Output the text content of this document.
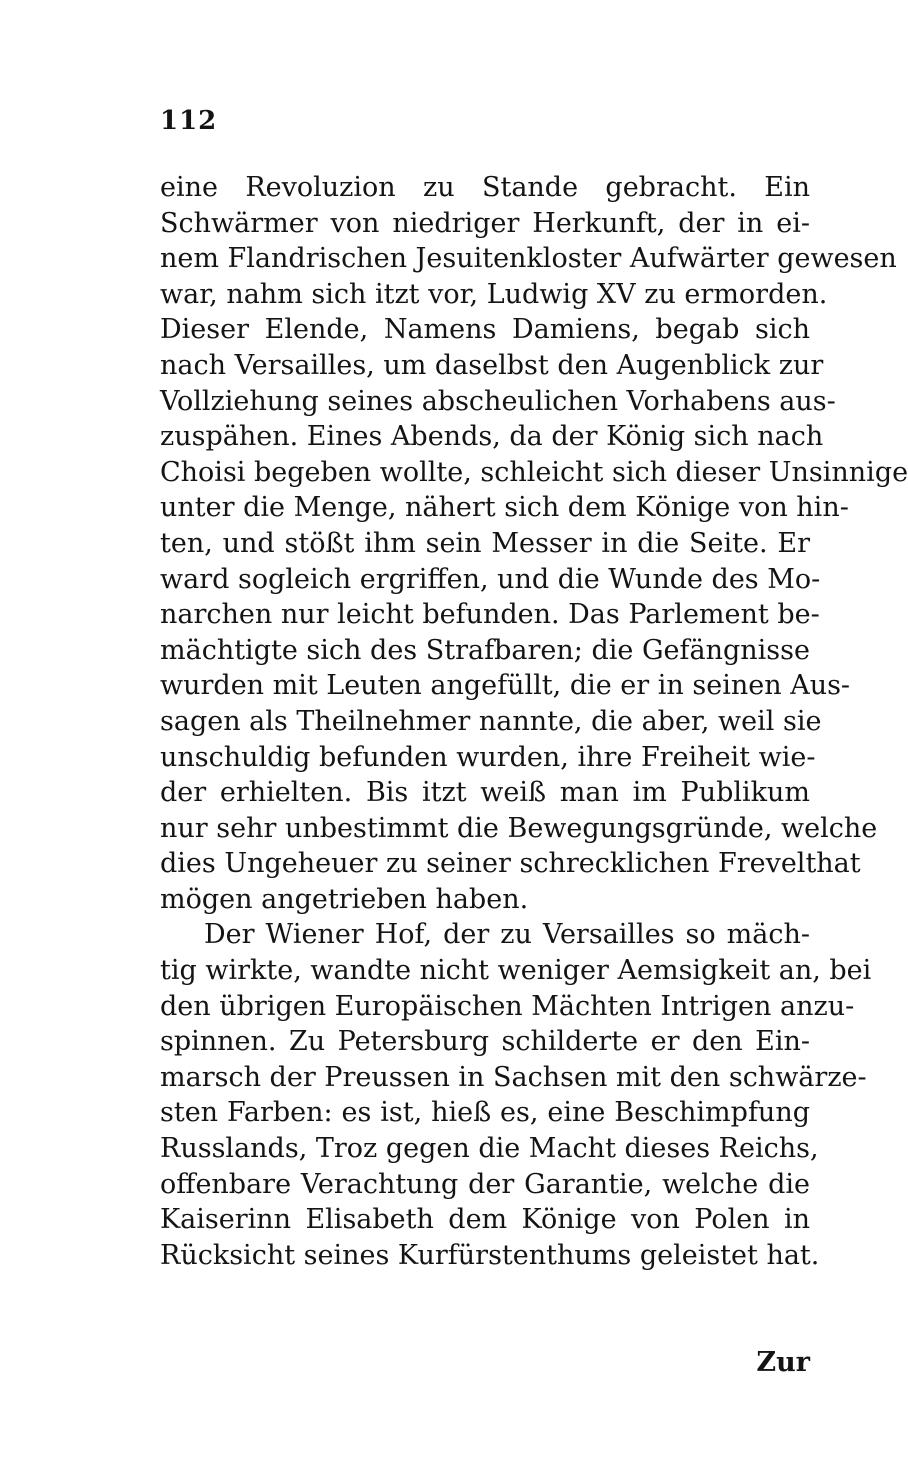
112
eine Revoluzion zu Stande gebracht. Ein
Schwärmer von niedriger Herkunft, der in ei-
nem Flandrischen Jesuitenkloster Aufwärter gewesen
war, nahm sich itzt vor, Ludwig XV zu ermorden.
Dieser Elende, Namens Damiens, begab sich
nach Versailles, um daselbst den Augenblick zur
Vollziehung seines abscheulichen Vorhabens aus-
zuspähen. Eines Abends, da der König sich nach
Choisi begeben wollte, schleicht sich dieser Unsinnige
unter die Menge, nähert sich dem Könige von hin-
ten, und stößt ihm sein Messer in die Seite. Er
ward sogleich ergriffen, und die Wunde des Mo-
narchen nur leicht befunden. Das Parlement be-
mächtigte sich des Strafbaren; die Gefängnisse
wurden mit Leuten angefüllt, die er in seinen Aus-
sagen als Theilnehmer nannte, die aber, weil sie
unschuldig befunden wurden, ihre Freiheit wie-
der erhielten. Bis itzt weiß man im Publikum
nur sehr unbestimmt die Bewegungsgründe, welche
dies Ungeheuer zu seiner schrecklichen Frevelthat
mögen angetrieben haben.
Der Wiener Hof, der zu Versailles so mäch-
tig wirkte, wandte nicht weniger Aemsigkeit an, bei
den übrigen Europäischen Mächten Intrigen anzu-
spinnen. Zu Petersburg schilderte er den Ein-
marsch der Preussen in Sachsen mit den schwärze-
sten Farben: es ist, hieß es, eine Beschimpfung
Russlands, Troz gegen die Macht dieses Reichs,
offenbare Verachtung der Garantie, welche die
Kaiserinn Elisabeth dem Könige von Polen in
Rücksicht seines Kurfürstenthums geleistet hat.
Zur
